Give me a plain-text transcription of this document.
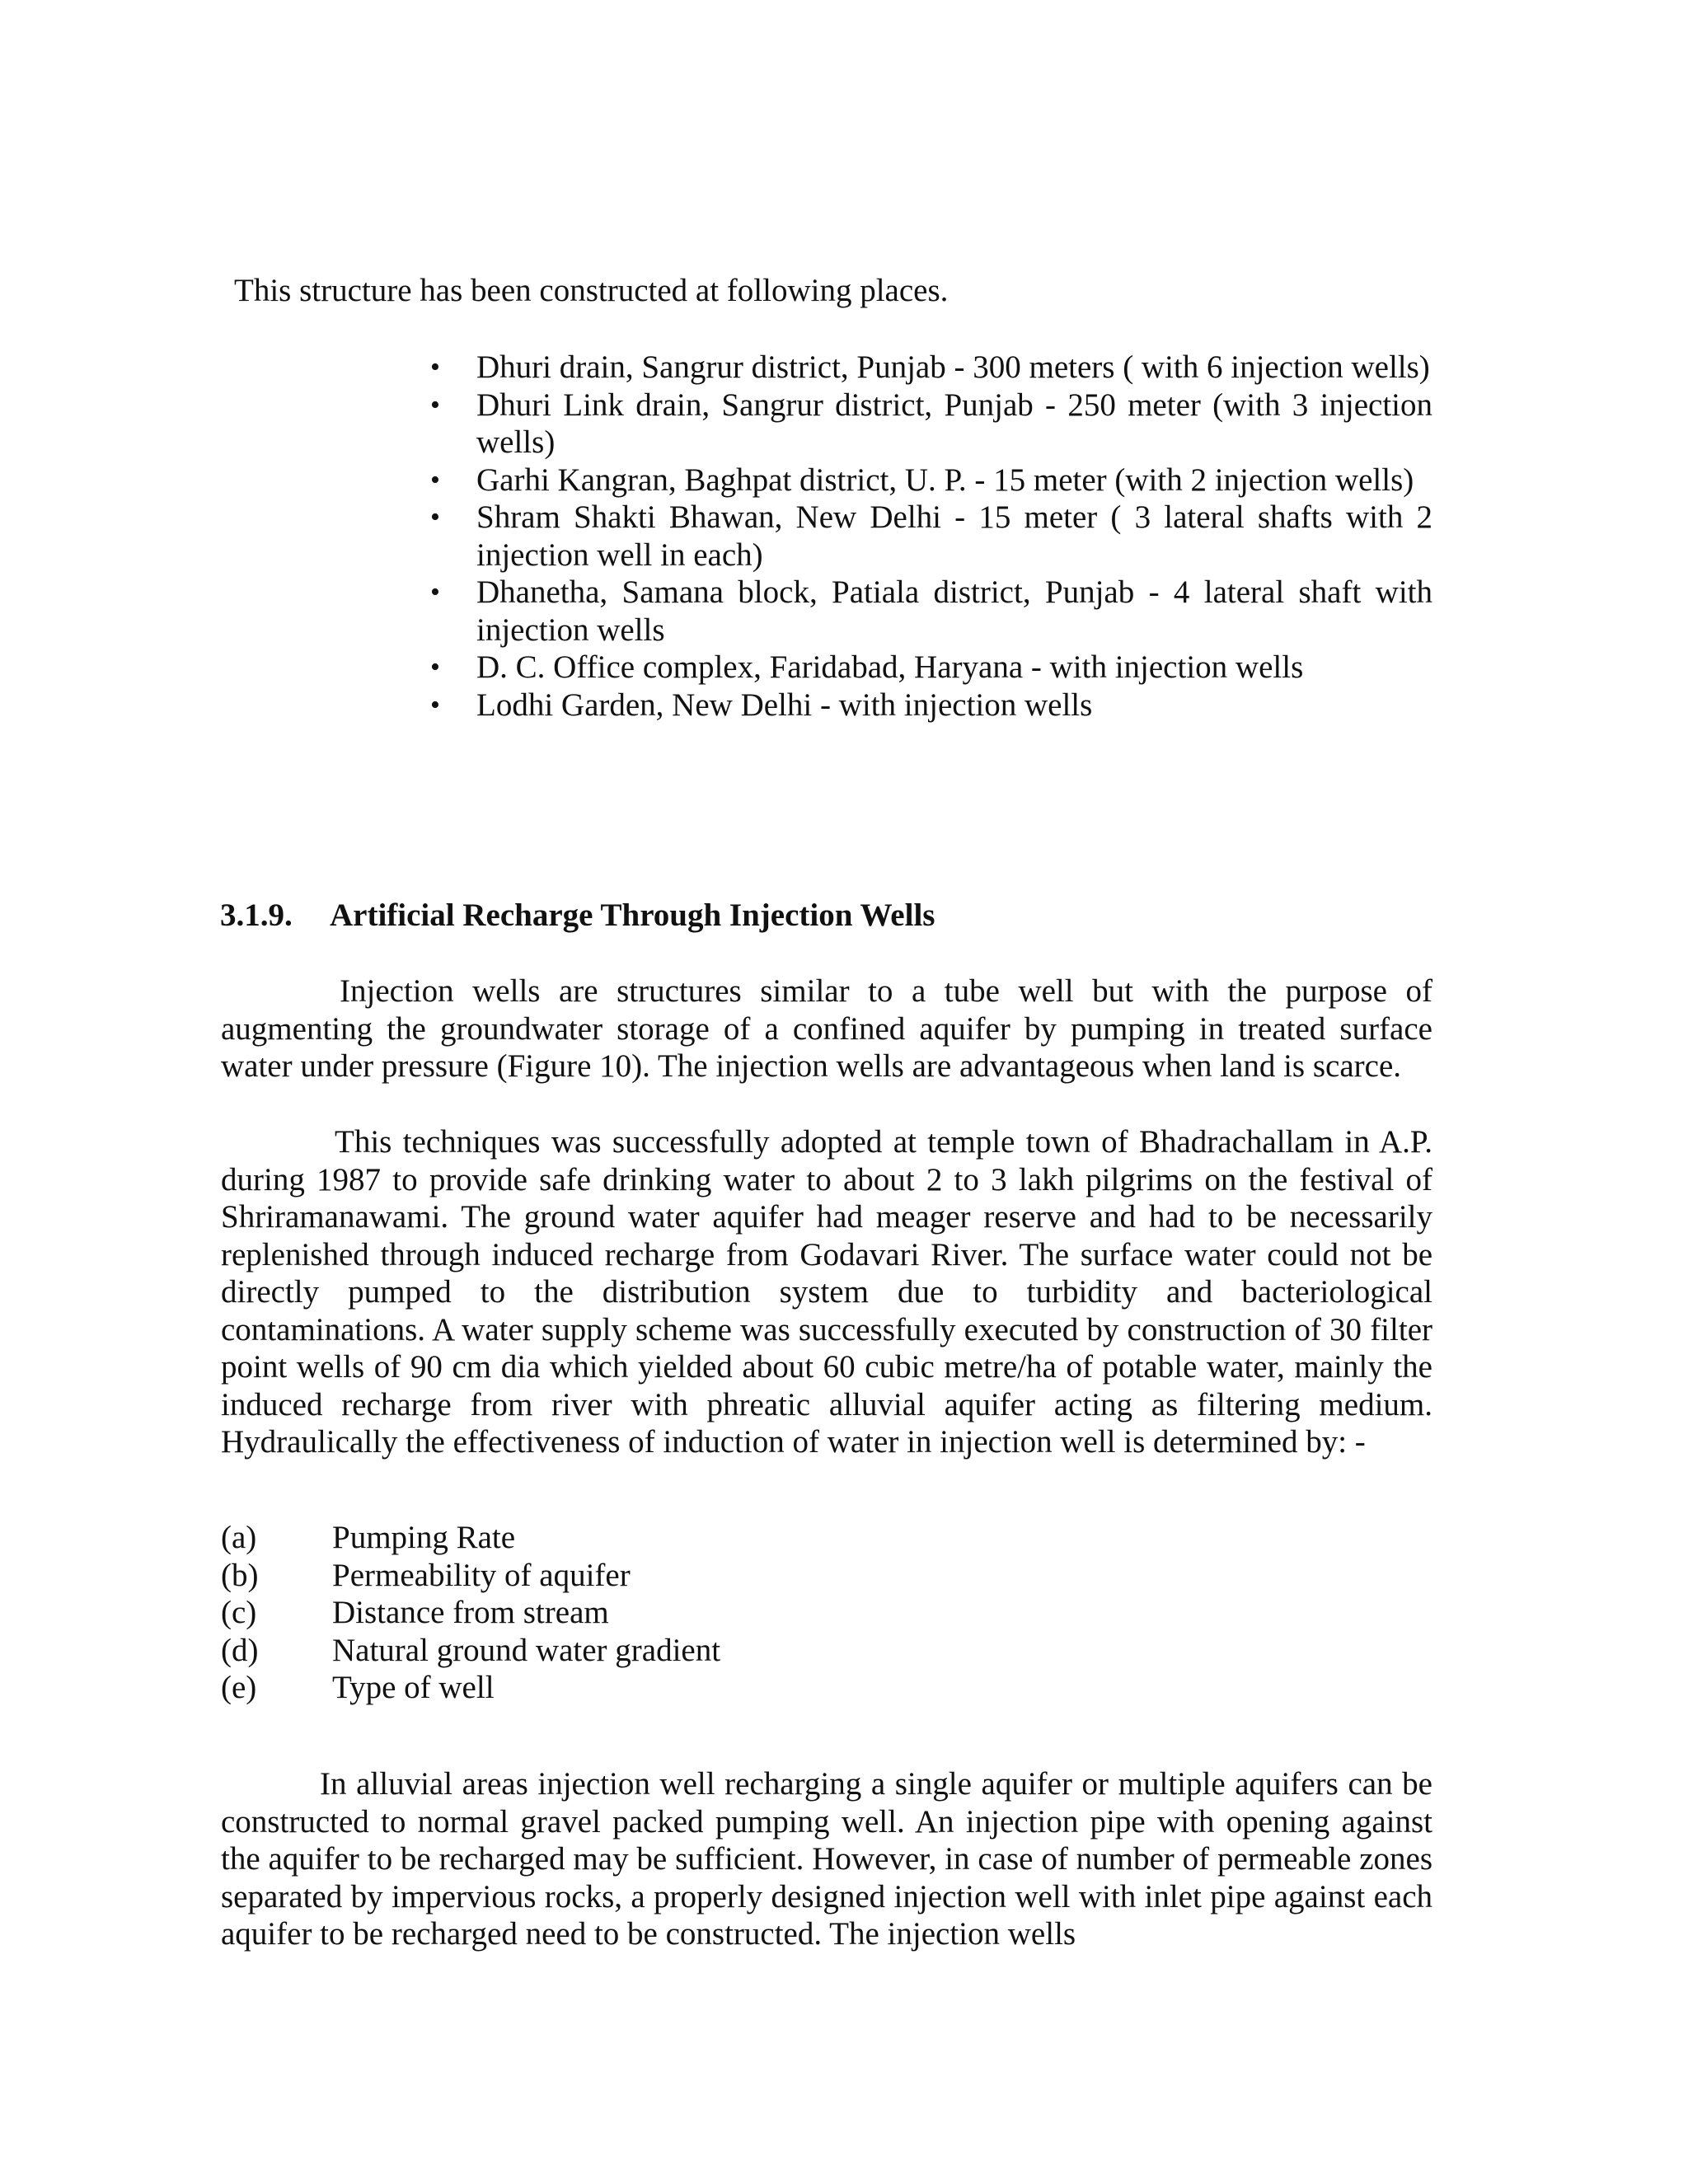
This structure has been constructed at following places.
• Dhuri drain, Sangrur district, Punjab - 300 meters ( with 6 injection wells)
• Dhuri Link drain, Sangrur district, Punjab - 250 meter (with 3 injection wells)
• Garhi Kangran, Baghpat district, U. P. - 15 meter (with 2 injection wells)
• Shram Shakti Bhawan, New Delhi - 15 meter ( 3 lateral shafts with 2 injection well in each)
• Dhanetha, Samana block, Patiala district, Punjab - 4 lateral shaft with injection wells
• D. C. Office complex, Faridabad, Haryana - with injection wells
• Lodhi Garden, New Delhi - with injection wells
3.1.9. Artificial Recharge Through Injection Wells

Injection wells are structures similar to a tube well but with the purpose of augmenting the groundwater storage of a confined aquifer by pumping in treated surface water under pressure (Figure 10). The injection wells are advantageous when land is scarce.

This techniques was successfully adopted at temple town of Bhadrachallam in A.P. during 1987 to provide safe drinking water to about 2 to 3 lakh pilgrims on the festival of Shriramanawami. The ground water aquifer had meager reserve and had to be necessarily replenished through induced recharge from Godavari River. The surface water could not be directly pumped to the distribution system due to turbidity and bacteriological contaminations. A water supply scheme was successfully executed by construction of 30 filter point wells of 90 cm dia which yielded about 60 cubic metre/ha of potable water, mainly the induced recharge from river with phreatic alluvial aquifer acting as filtering medium. Hydraulically the effectiveness of induction of water in injection well is determined by: -

(a) Pumping Rate
(b) Permeability of aquifer
(c) Distance from stream
(d) Natural ground water gradient
(e) Type of well

In alluvial areas injection well recharging a single aquifer or multiple aquifers can be constructed to normal gravel packed pumping well. An injection pipe with opening against the aquifer to be recharged may be sufficient. However, in case of number of permeable zones separated by impervious rocks, a properly designed injection well with inlet pipe against each aquifer to be recharged need to be constructed. The injection wells
